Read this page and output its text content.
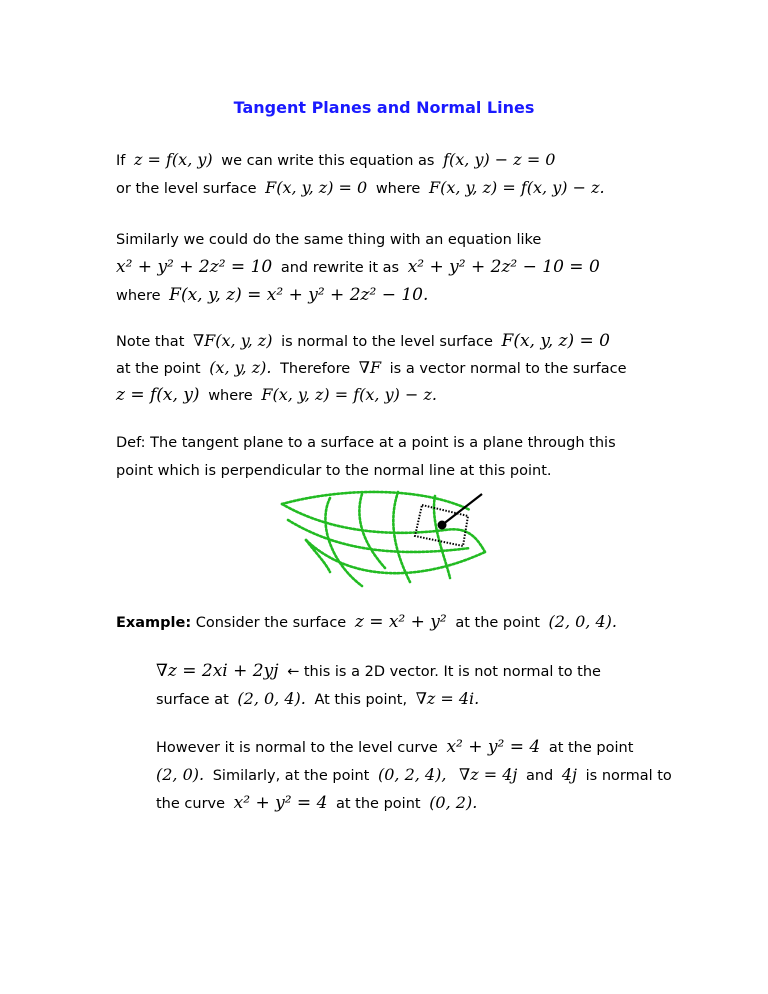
Tangent Planes and Normal Lines
If z = f(x, y) we can write this equation as f(x, y) − z = 0
or the level surface F(x, y, z) = 0 where F(x, y, z) = f(x, y) − z.
Similarly we could do the same thing with an equation like
x² + y² + 2z² = 10 and rewrite it as x² + y² + 2z² − 10 = 0
where F(x, y, z) = x² + y² + 2z² − 10.
Note that ∇F(x, y, z) is normal to the level surface F(x, y, z) = 0
at the point (x, y, z). Therefore ∇F is a vector normal to the surface
z = f(x, y) where F(x, y, z) = f(x, y) − z.
Def: The tangent plane to a surface at a point is a plane through this
point which is perpendicular to the normal line at this point.
Example: Consider the surface z = x² + y² at the point (2, 0, 4).
∇z = 2xi + 2yj ← this is a 2D vector. It is not normal to the
surface at (2, 0, 4). At this point, ∇z = 4i.
However it is normal to the level curve x² + y² = 4 at the point
(2, 0). Similarly, at the point (0, 2, 4), ∇z = 4j and 4j is normal to
the curve x² + y² = 4 at the point (0, 2).
